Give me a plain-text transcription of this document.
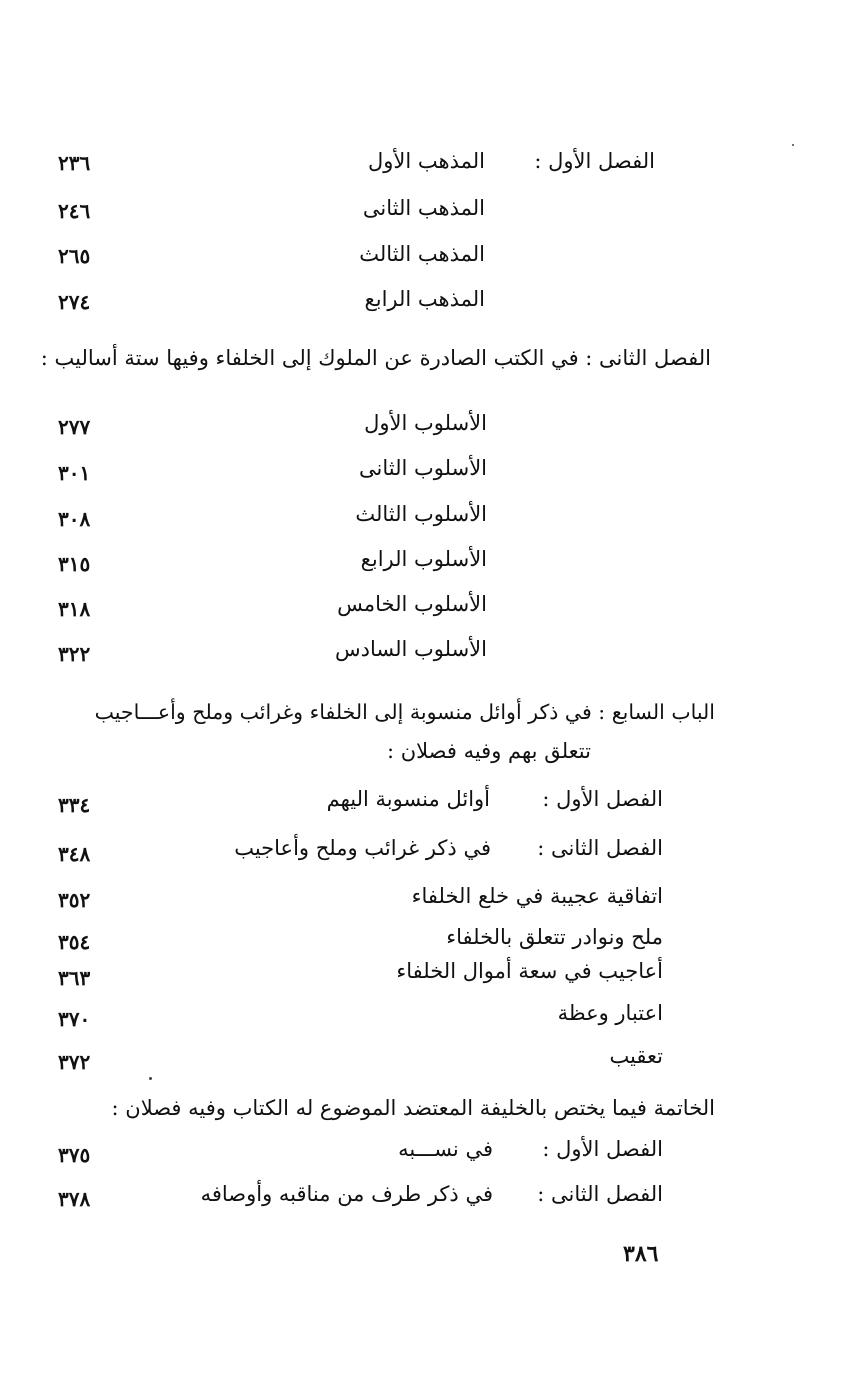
الفصل الأول :
المذهب الأول
٢٣٦
المذهب الثانى
٢٤٦
المذهب الثالث
٢٦٥
المذهب الرابع
٢٧٤
الفصل الثانى : في الكتب الصادرة عن الملوك إلى الخلفاء وفيها ستة أساليب :
الأسلوب الأول
٢٧٧
الأسلوب الثانى
٣٠١
الأسلوب الثالث
٣٠٨
الأسلوب الرابع
٣١٥
الأسلوب الخامس
٣١٨
الأسلوب السادس
٣٢٢
الباب السابع : في ذكر أوائل منسوبة إلى الخلفاء وغرائب وملح وأعـــاجيب
تتعلق بهم وفيه فصلان :
الفصل الأول :
أوائل منسوبة اليهم
٣٣٤
الفصل الثانى :
في ذكر غرائب وملح وأعاجيب
٣٤٨
اتفاقية عجيبة في خلع الخلفاء
٣٥٢
ملح ونوادر تتعلق بالخلفاء
٣٥٤
أعاجيب في سعة أموال الخلفاء
٣٦٣
اعتبار وعظة
٣٧٠
تعقيب
٣٧٢
الخاتمة فيما يختص بالخليفة المعتضد الموضوع له الكتاب وفيه فصلان :
الفصل الأول :
في نســـبه
٣٧٥
الفصل الثانى :
في ذكر طرف من مناقبه وأوصافه
٣٧٨
٣٨٦
